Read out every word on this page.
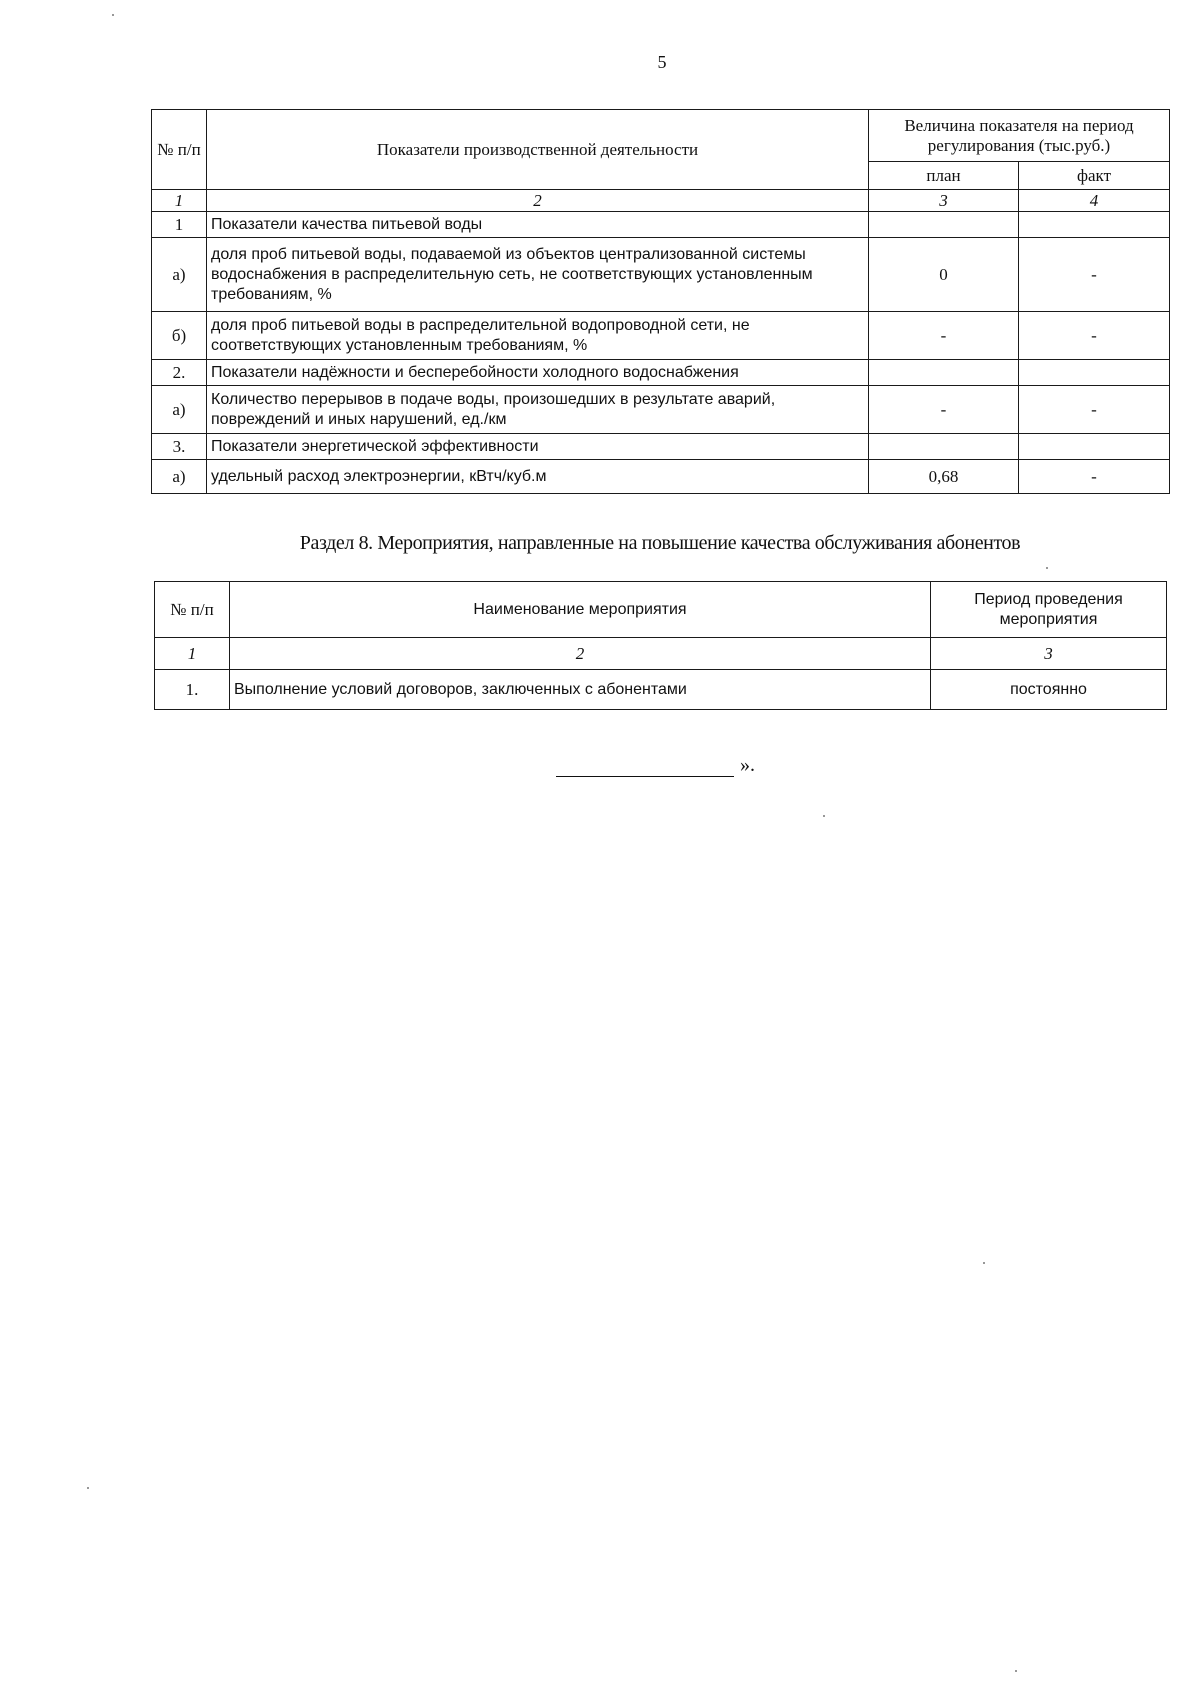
5
№ п/п	Показатели производственной деятельности	Величина показателя на период регулирования (тыс.руб.)	
		план	факт
1	2	3	4
1	Показатели качества питьевой воды		
а)	доля проб питьевой воды, подаваемой из объектов централизованной системы водоснабжения в распределительную сеть, не соответствующих установленным требованиям, %	0	-
б)	доля проб питьевой воды в распределительной водопроводной сети, не соответствующих установленным требованиям, %	-	-
2.	Показатели надёжности и бесперебойности холодного водоснабжения		
а)	Количество перерывов в подаче воды, произошедших в результате аварий, повреждений и иных нарушений, ед./км	-	-
3.	Показатели энергетической эффективности		
а)	удельный расход электроэнергии, кВтч/куб.м	0,68	-
Раздел 8. Мероприятия, направленные на повышение качества обслуживания абонентов
№ п/п	Наименование мероприятия	Период проведения мероприятия
1	2	3
1.	Выполнение условий договоров, заключенных с абонентами	постоянно
».
